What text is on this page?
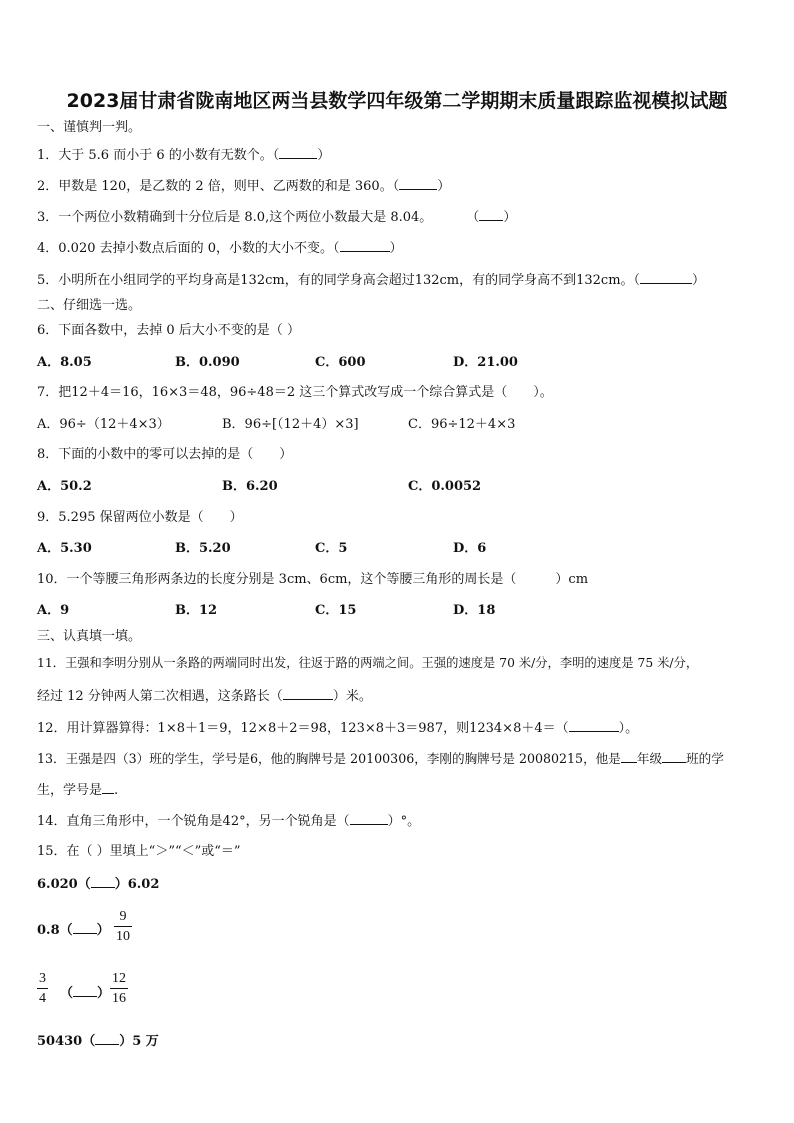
2023届甘肃省陇南地区两当县数学四年级第二学期期末质量跟踪监视模拟试题
一、谨慎判一判。
1．大于 5.6 而小于 6 的小数有无数个。（	）
2．甲数是 120，是乙数的 2 倍，则甲、乙两数的和是 360。（	）
3．一个两位小数精确到十分位后是 8.0,这个两位小数最大是 8.04。	（ ）
4．0.020 去掉小数点后面的 0，小数的大小不变。（	）
5．小明所在小组同学的平均身高是132cm，有的同学身高会超过132cm，有的同学身高不到132cm。（	）
二、仔细选一选。
6．下面各数中，去掉 0 后大小不变的是（ ）
A．8.05	B．0.090	C．600	D．21.00
7．把12＋4＝16，16×3＝48，96÷48＝2 这三个算式改写成一个综合算式是（　　）。
A．96÷（12＋4×3）	B．96÷[（12＋4）×3]	C．96÷12＋4×3
8．下面的小数中的零可以去掉的是（　　）
A．50.2	B．6.20	C．0.0052
9．5.295 保留两位小数是（　　）
A．5.30	B．5.20	C．5	D．6
10．一个等腰三角形两条边的长度分别是 3cm、6cm，这个等腰三角形的周长是（　　　）cm
A．9	B．12	C．15	D．18
三、认真填一填。
11．王强和李明分别从一条路的两端同时出发，往返于路的两端之间。王强的速度是 70 米/分，李明的速度是 75 米/分，
经过 12 分钟两人第二次相遇，这条路长（	）米。
12．用计算器算得：1×8＋1＝9，12×8＋2＝98，123×8＋3＝987，则1234×8＋4＝（	）。
13．王强是四（3）班的学生，学号是6，他的胸牌号是 20100306，李刚的胸牌号是 20080215，他是 年级 班的学
生，学号是 .
14．直角三角形中，一个锐角是42°，另一个锐角是（	）°。
15．在（ ）里填上“＞”“＜”或“＝”
6.020（ ）6.02
0.8（ ）
9
10
3
4 （ ）
12
16
50430（ ）5 万
